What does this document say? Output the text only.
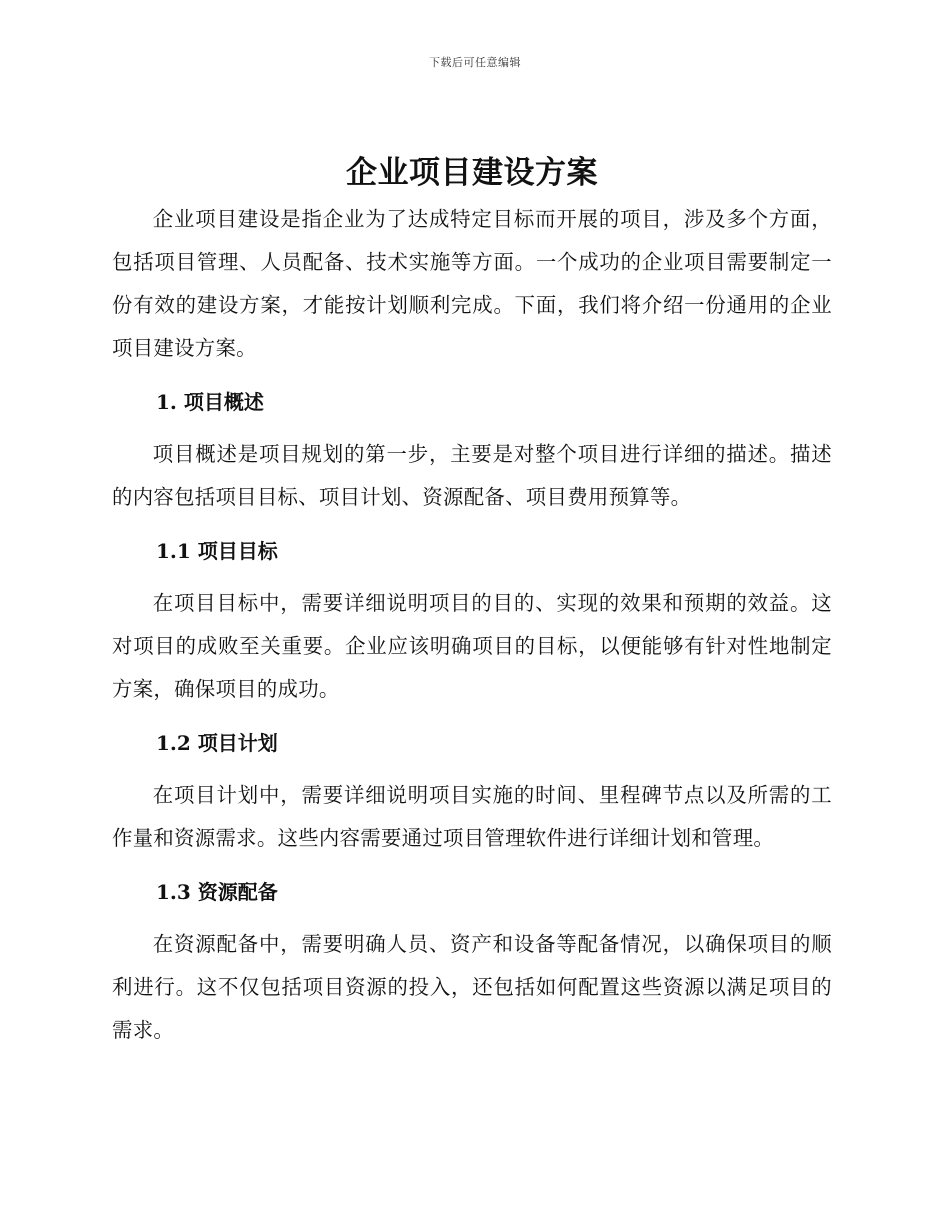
下载后可任意编辑
企业项目建设方案

企业项目建设是指企业为了达成特定目标而开展的项目，涉及多个方面，包括项目管理、人员配备、技术实施等方面。一个成功的企业项目需要制定一份有效的建设方案，才能按计划顺利完成。下面，我们将介绍一份通用的企业项目建设方案。

1. 项目概述

项目概述是项目规划的第一步，主要是对整个项目进行详细的描述。描述的内容包括项目目标、项目计划、资源配备、项目费用预算等。

1.1 项目目标

在项目目标中，需要详细说明项目的目的、实现的效果和预期的效益。这对项目的成败至关重要。企业应该明确项目的目标，以便能够有针对性地制定方案，确保项目的成功。

1.2 项目计划

在项目计划中，需要详细说明项目实施的时间、里程碑节点以及所需的工作量和资源需求。这些内容需要通过项目管理软件进行详细计划和管理。

1.3 资源配备

在资源配备中，需要明确人员、资产和设备等配备情况，以确保项目的顺利进行。这不仅包括项目资源的投入，还包括如何配置这些资源以满足项目的需求。
